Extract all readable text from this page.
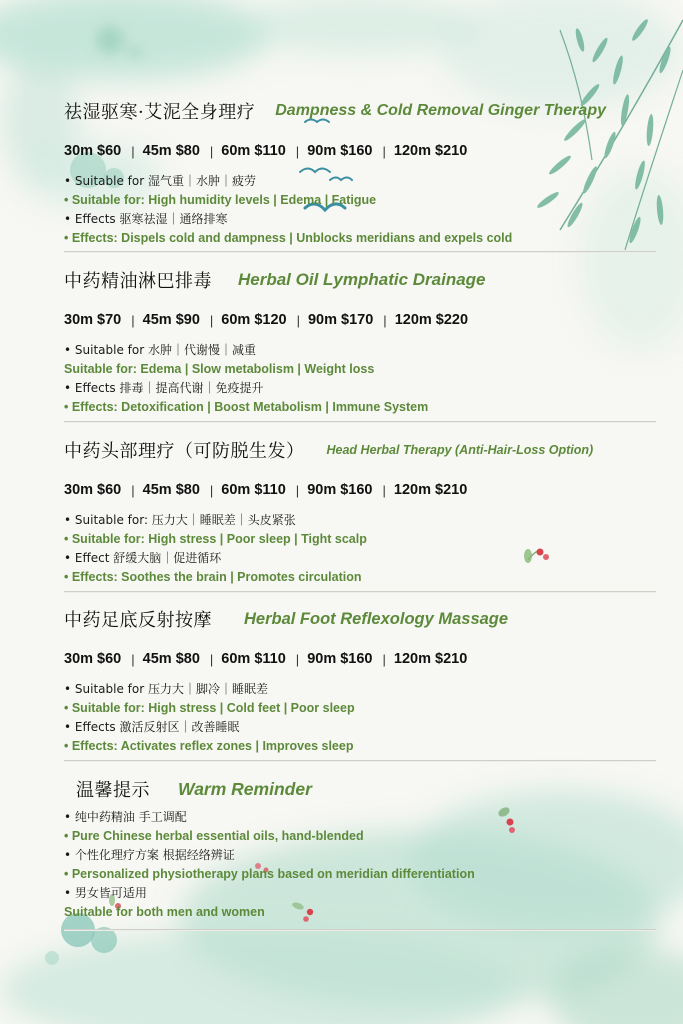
祛湿驱寒·艾泥全身理疗 Dampness & Cold Removal Ginger Therapy
30m $60 | 45m $80 | 60m $110 | 90m $160 | 120m $210
• Suitable for 湿气重｜水肿｜疲劳
• Suitable for: High humidity levels | Edema | Fatigue
• Effects 驱寒祛湿｜通络排寒
• Effects: Dispels cold and dampness | Unblocks meridians and expels cold
中药精油淋巴排毒 Herbal Oil Lymphatic Drainage
30m $70 | 45m $90 | 60m $120 | 90m $170 | 120m $220
• Suitable for 水肿｜代谢慢｜减重
Suitable for: Edema | Slow metabolism | Weight loss
• Effects 排毒｜提高代谢｜免疫提升
• Effects: Detoxification | Boost Metabolism | Immune System
中药头部理疗（可防脱生发） Head Herbal Therapy (Anti-Hair-Loss Option)
30m $60 | 45m $80 | 60m $110 | 90m $160 | 120m $210
• Suitable for: 压力大｜睡眠差｜头皮紧张
• Suitable for: High stress | Poor sleep | Tight scalp
• Effect 舒缓大脑｜促进循环
• Effects: Soothes the brain | Promotes circulation
中药足底反射按摩 Herbal Foot Reflexology Massage
30m $60 | 45m $80 | 60m $110 | 90m $160 | 120m $210
• Suitable for 压力大｜脚冷｜睡眠差
• Suitable for: High stress | Cold feet | Poor sleep
• Effects 激活反射区｜改善睡眠
• Effects: Activates reflex zones | Improves sleep
温馨提示 Warm Reminder
• 纯中药精油 手工调配
• Pure Chinese herbal essential oils, hand-blended
• 个性化理疗方案 根据经络辨证
• Personalized physiotherapy plans based on meridian differentiation
• 男女皆可适用
Suitable for both men and women
